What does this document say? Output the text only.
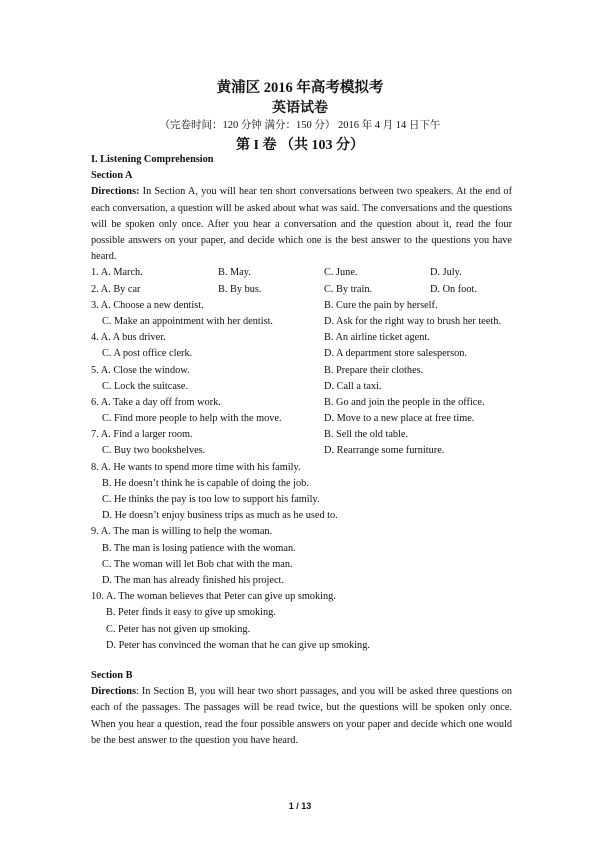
黄浦区 2016 年高考模拟考
英语试卷
（完卷时间：120 分钟 满分：150 分） 2016 年 4 月 14 日下午
第 I 卷 （共 103 分）
I. Listening Comprehension
Section A
Directions: In Section A, you will hear ten short conversations between two speakers. At the end of each conversation, a question will be asked about what was said. The conversations and the questions will be spoken only once. After you hear a conversation and the question about it, read the four possible answers on your paper, and decide which one is the best answer to the questions you have heard.
1. A. March.	B. May.	C. June.	D. July.
2. A. By car	B. By bus.	C. By train.	D. On foot.
3. A. Choose a new dentist.	B. Cure the pain by herself.
C. Make an appointment with her dentist.	D. Ask for the right way to brush her teeth.
4. A. A bus driver.	B. An airline ticket agent.
C. A post office clerk.	D. A department store salesperson.
5. A. Close the window.	B. Prepare their clothes.
C. Lock the suitcase.	D. Call a taxi.
6. A. Take a day off from work.	B. Go and join the people in the office.
C. Find more people to help with the move.	D. Move to a new place at free time.
7. A. Find a larger room.	B. Sell the old table.
C. Buy two bookshelves.	D. Rearrange some furniture.
8. A. He wants to spend more time with his family.
B. He doesn’t think he is capable of doing the job.
C. He thinks the pay is too low to support his family.
D. He doesn’t enjoy business trips as much as he used to.
9. A. The man is willing to help the woman.
B. The man is losing patience with the woman.
C. The woman will let Bob chat with the man.
D. The man has already finished his project.
10. A. The woman believes that Peter can give up smoking.
B. Peter finds it easy to give up smoking.
C. Peter has not given up smoking.
D. Peter has convinced the woman that he can give up smoking.
Section B
Directions: In Section B, you will hear two short passages, and you will be asked three questions on each of the passages. The passages will be read twice, but the questions will be spoken only once. When you hear a question, read the four possible answers on your paper and decide which one would be the best answer to the question you have heard.
1 / 13
